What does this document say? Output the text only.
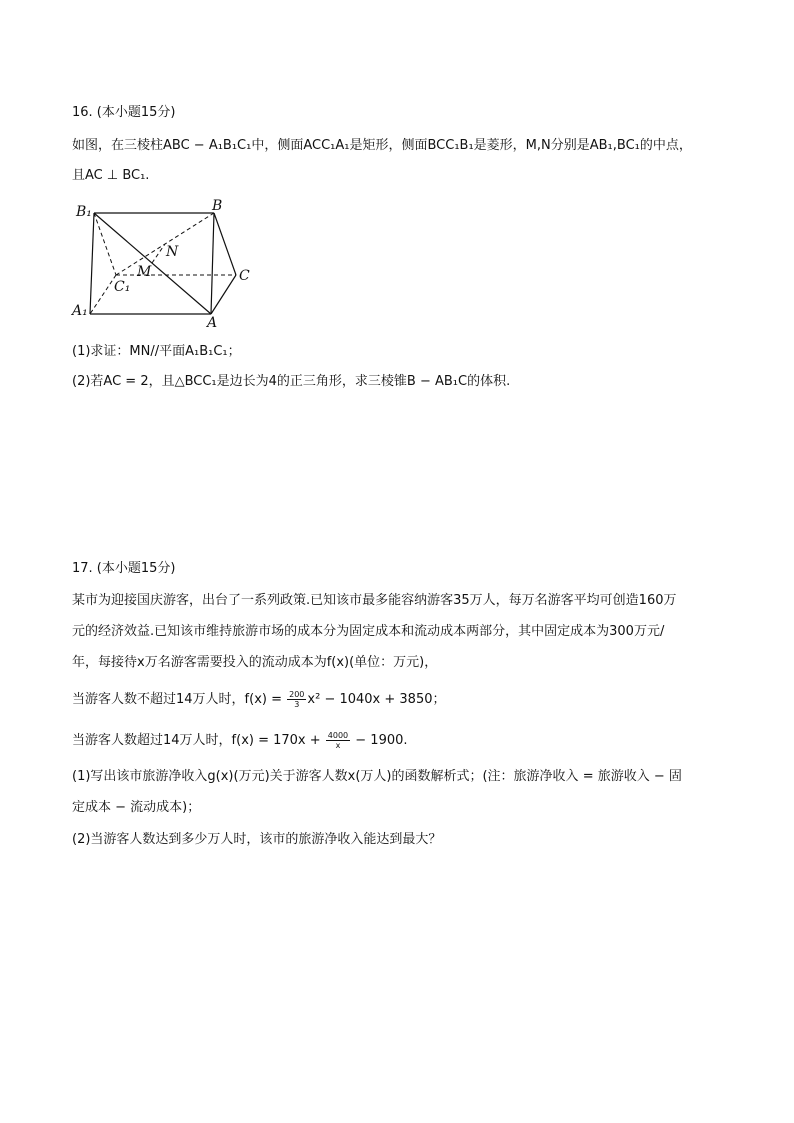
16. (本小题15分)
如图，在三棱柱ABC − A₁B₁C₁中，侧面ACC₁A₁是矩形，侧面BCC₁B₁是菱形，M,N分别是AB₁,BC₁的中点，
且AC ⊥ BC₁.
B₁	B
N
M	C
C₁
A₁
A
(1)求证：MN//平面A₁B₁C₁；
(2)若AC = 2，且△BCC₁是边长为4的正三角形，求三棱锥B − AB₁C的体积.
17. (本小题15分)
某市为迎接国庆游客，出台了一系列政策.已知该市最多能容纳游客35万人，每万名游客平均可创造160万
元的经济效益.已知该市维持旅游市场的成本分为固定成本和流动成本两部分，其中固定成本为300万元/
年，每接待x万名游客需要投入的流动成本为f(x)(单位：万元)，
当游客人数不超过14万人时，$f(x) = \frac{200}{3} x^2 - 1040x + 3850$；
当游客人数超过14万人时，$f(x) = 170x + \frac{4000}{x} - 1900$.
(1)写出该市旅游净收入g(x)(万元)关于游客人数x(万人)的函数解析式；(注：旅游净收入 = 旅游收入 − 固
定成本 − 流动成本)；
(2)当游客人数达到多少万人时，该市的旅游净收入能达到最大？
